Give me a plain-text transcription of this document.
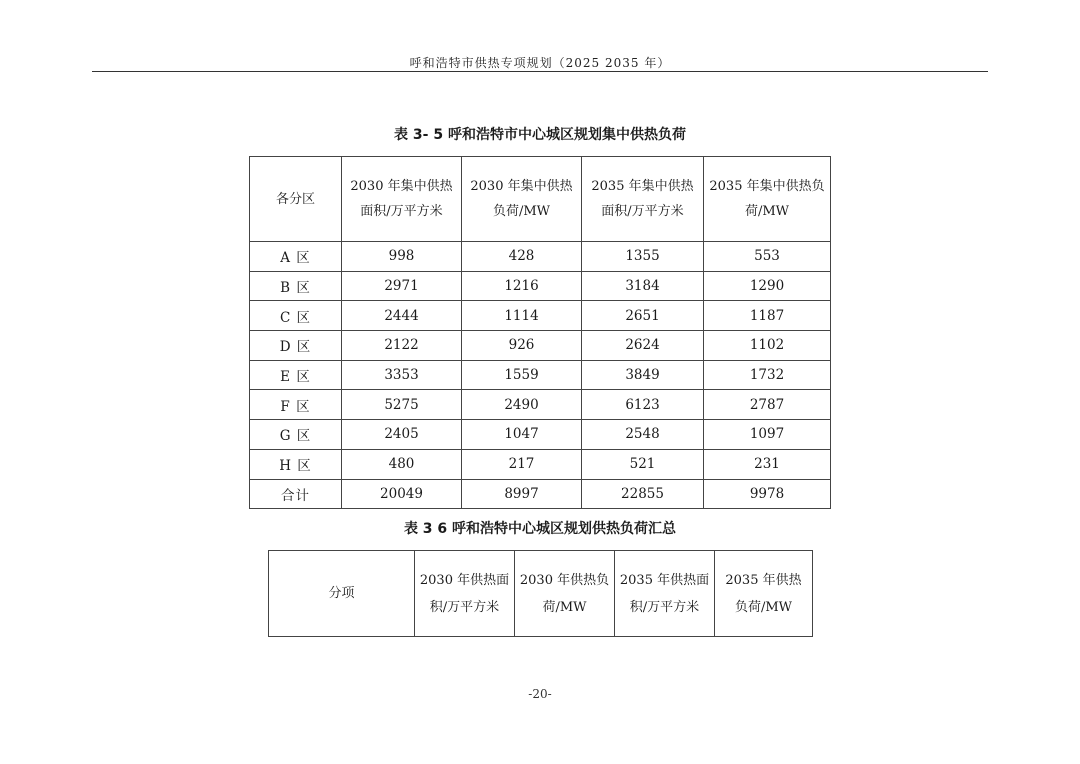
呼和浩特市供热专项规划（2025 2035 年）
表 3- 5 呼和浩特市中心城区规划集中供热负荷
各分区	2030 年集中供热面积/万平方米	2030 年集中供热负荷/MW	2035 年集中供热面积/万平方米	2035 年集中供热负荷/MW
A 区	998	428	1355	553
B 区	2971	1216	3184	1290
C 区	2444	1114	2651	1187
D 区	2122	926	2624	1102
E 区	3353	1559	3849	1732
F 区	5275	2490	6123	2787
G 区	2405	1047	2548	1097
H 区	480	217	521	231
合计	20049	8997	22855	9978
表 3 6 呼和浩特中心城区规划供热负荷汇总
分项	2030 年供热面积/万平方米	2030 年供热负荷/MW	2035 年供热面积/万平方米	2035 年供热负荷/MW
-20-
